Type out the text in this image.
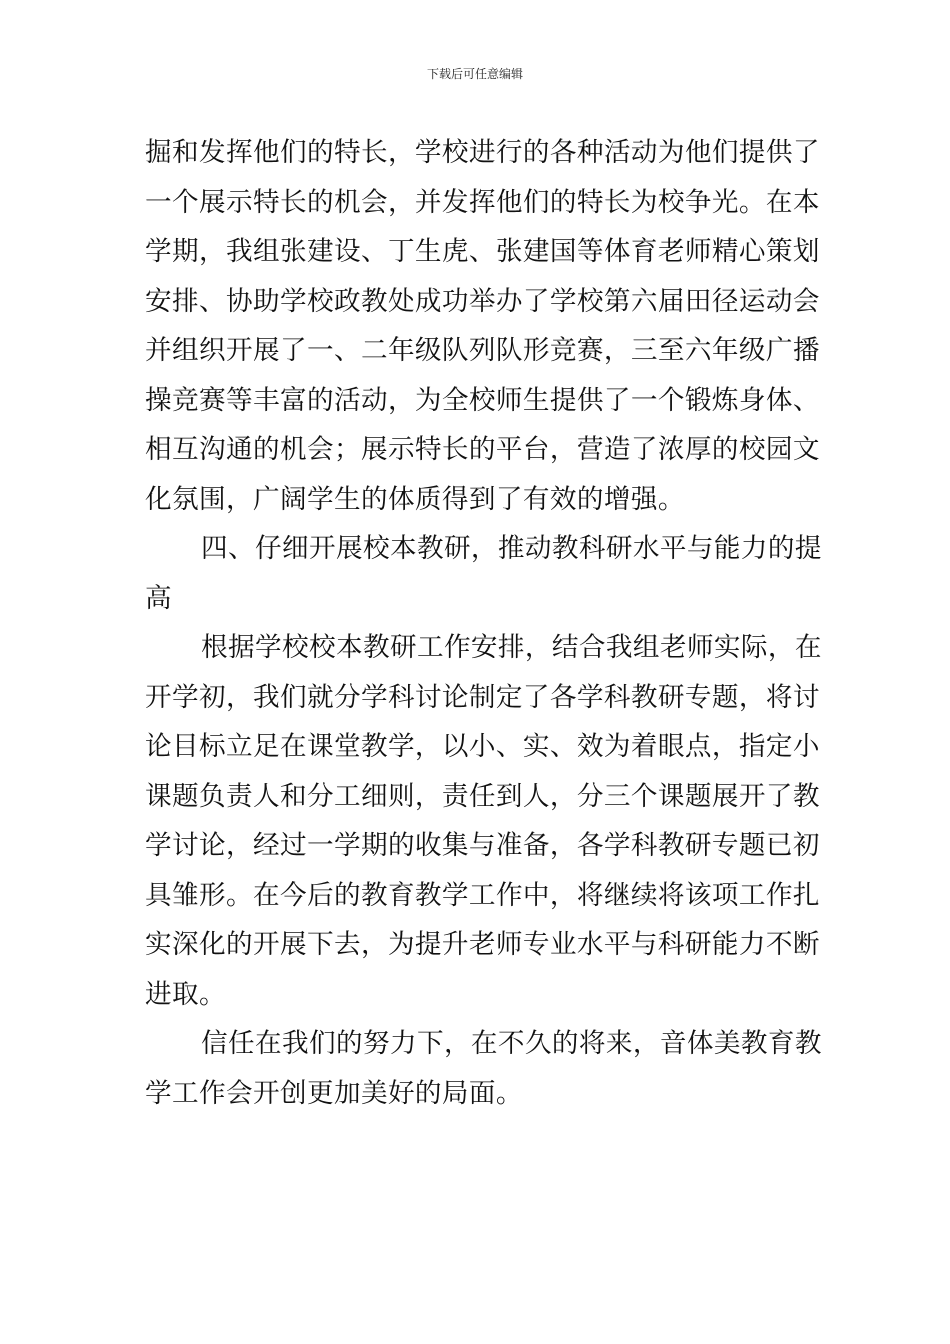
下载后可任意编辑
掘和发挥他们的特长，学校进行的各种活动为他们提供了
一个展示特长的机会，并发挥他们的特长为校争光。在本
学期，我组张建设、丁生虎、张建国等体育老师精心策划
安排、协助学校政教处成功举办了学校第六届田径运动会
并组织开展了一、二年级队列队形竞赛，三至六年级广播
操竞赛等丰富的活动，为全校师生提供了一个锻炼身体、
相互沟通的机会；展示特长的平台，营造了浓厚的校园文
化氛围，广阔学生的体质得到了有效的增强。
四、仔细开展校本教研，推动教科研水平与能力的提
高
根据学校校本教研工作安排，结合我组老师实际，在
开学初，我们就分学科讨论制定了各学科教研专题，将讨
论目标立足在课堂教学，以小、实、效为着眼点，指定小
课题负责人和分工细则，责任到人，分三个课题展开了教
学讨论，经过一学期的收集与准备，各学科教研专题已初
具雏形。在今后的教育教学工作中，将继续将该项工作扎
实深化的开展下去，为提升老师专业水平与科研能力不断
进取。
信任在我们的努力下，在不久的将来，音体美教育教
学工作会开创更加美好的局面。
